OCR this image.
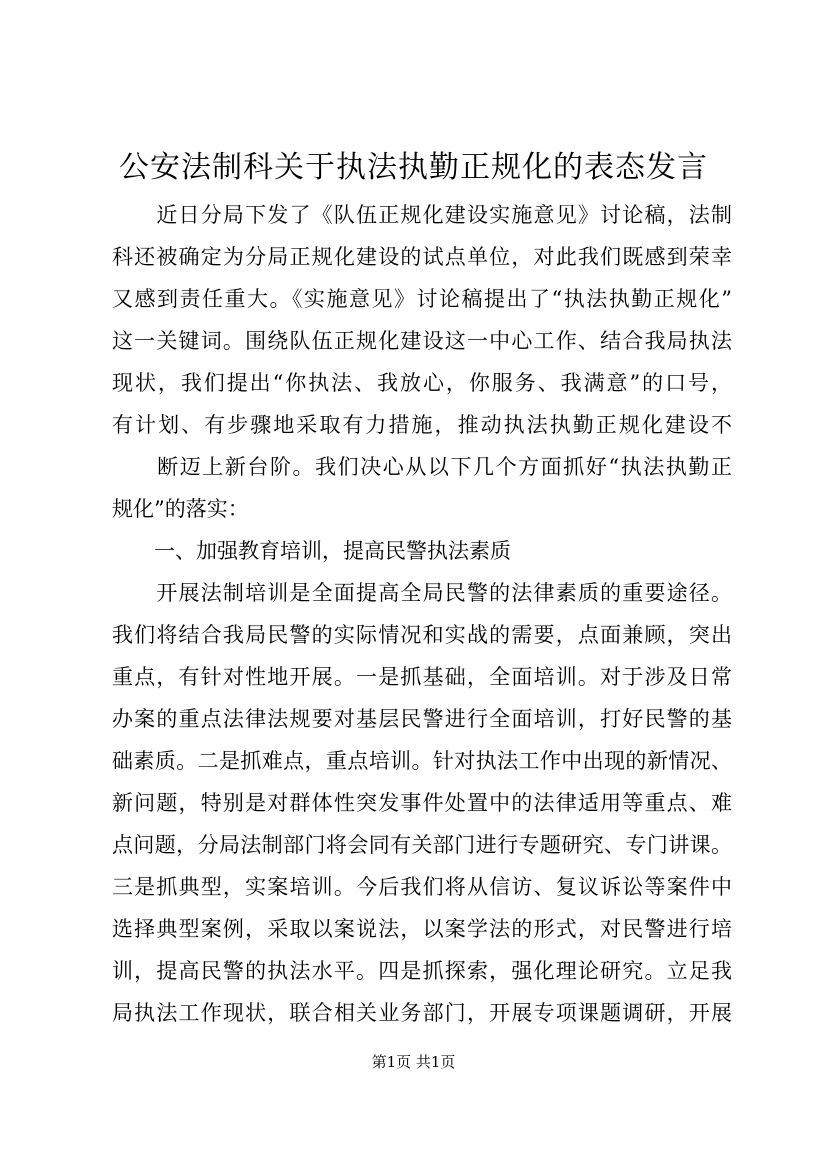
公安法制科关于执法执勤正规化的表态发言
　　近日分局下发了《队伍正规化建设实施意见》讨论稿，法制
科还被确定为分局正规化建设的试点单位，对此我们既感到荣幸
又感到责任重大。《实施意见》讨论稿提出了“执法执勤正规化”
这一关键词。围绕队伍正规化建设这一中心工作、结合我局执法
现状，我们提出“你执法、我放心，你服务、我满意”的口号，
有计划、有步骤地采取有力措施，推动执法执勤正规化建设不
　　断迈上新台阶。我们决心从以下几个方面抓好“执法执勤正
规化”的落实：
　　一、加强教育培训，提高民警执法素质
　　开展法制培训是全面提高全局民警的法律素质的重要途径。
我们将结合我局民警的实际情况和实战的需要，点面兼顾，突出
重点，有针对性地开展。一是抓基础，全面培训。对于涉及日常
办案的重点法律法规要对基层民警进行全面培训，打好民警的基
础素质。二是抓难点，重点培训。针对执法工作中出现的新情况、
新问题，特别是对群体性突发事件处置中的法律适用等重点、难
点问题，分局法制部门将会同有关部门进行专题研究、专门讲课。
三是抓典型，实案培训。今后我们将从信访、复议诉讼等案件中
选择典型案例，采取以案说法，以案学法的形式，对民警进行培
训，提高民警的执法水平。四是抓探索，强化理论研究。立足我
局执法工作现状，联合相关业务部门，开展专项课题调研，开展
第1页 共1页
